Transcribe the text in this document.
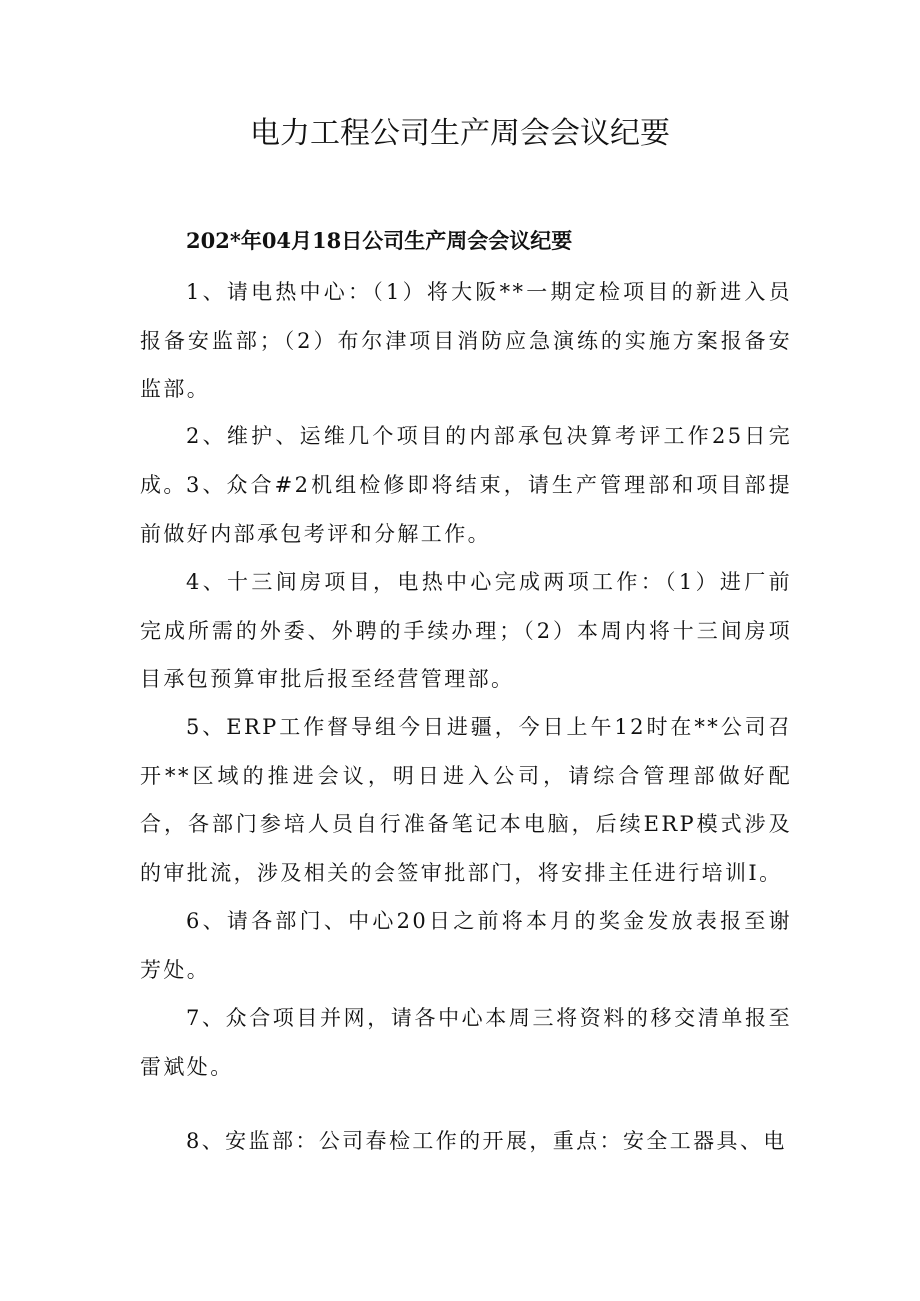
电力工程公司生产周会会议纪要

202*年04月18日公司生产周会会议纪要

1、请电热中心：（1）将大阪**一期定检项目的新进入员报备安监部；（2）布尔津项目消防应急演练的实施方案报备安监部。

2、维护、运维几个项目的内部承包决算考评工作25日完成。 3、众合#2机组检修即将结束，请生产管理部和项目部提前做好内部承包考评和分解工作。

4、十三间房项目，电热中心完成两项工作：（1）进厂前完成所需的外委、外聘的手续办理；（2）本周内将十三间房项目承包预算审批后报至经营管理部。

5、ERP工作督导组今日进疆，今日上午12时在**公司召开**区域的推进会议，明日进入公司，请综合管理部做好配合，各部门参培人员自行准备笔记本电脑，后续ERP模式涉及的审批流，涉及相关的会签审批部门，将安排主任进行培训I。

6、请各部门、中心20日之前将本月的奖金发放表报至谢芳处。

7、众合项目并网，请各中心本周三将资料的移交清单报至雷斌处。

8、安监部：公司春检工作的开展，重点：安全工器具、电
